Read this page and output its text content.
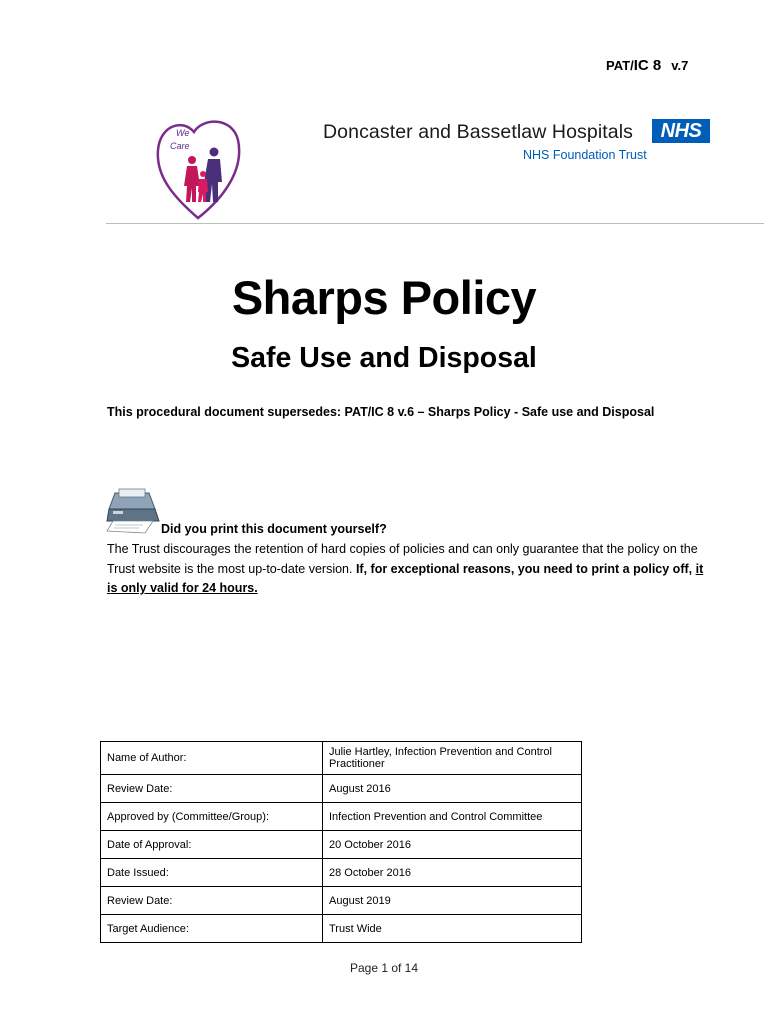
PAT/IC 8 v.7
We
Care
Doncaster and Bassetlaw Hospitals
NHS Foundation Trust
NHS
Sharps Policy
Safe Use and Disposal
This procedural document supersedes: PAT/IC 8 v.6 – Sharps Policy - Safe use and Disposal
Did you print this document yourself?
The Trust discourages the retention of hard copies of policies and can only guarantee that the policy on the Trust website is the most up-to-date version. If, for exceptional reasons, you need to print a policy off, it is only valid for 24 hours.
Name of Author:	Julie Hartley, Infection Prevention and Control Practitioner
Review Date:	August 2016
Approved by (Committee/Group):	Infection Prevention and Control Committee
Date of Approval:	20 October 2016
Date Issued:	28 October 2016
Review Date:	August 2019
Target Audience:	Trust Wide
Page 1 of 14
